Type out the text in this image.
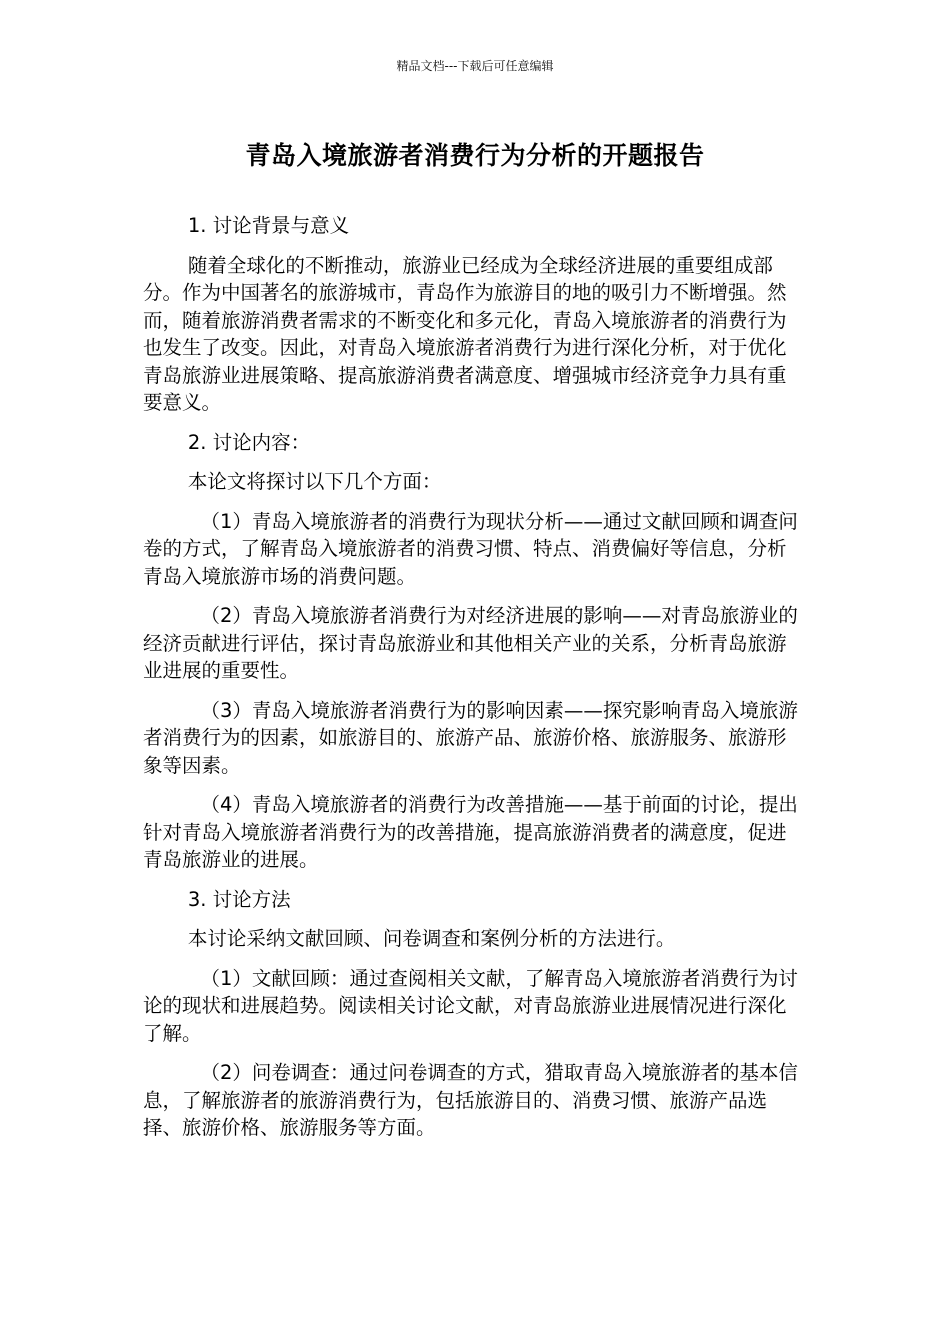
精品文档---下载后可任意编辑
青岛入境旅游者消费行为分析的开题报告

1. 讨论背景与意义

随着全球化的不断推动，旅游业已经成为全球经济进展的重要组成部分。作为中国著名的旅游城市，青岛作为旅游目的地的吸引力不断增强。然而，随着旅游消费者需求的不断变化和多元化，青岛入境旅游者的消费行为也发生了改变。因此，对青岛入境旅游者消费行为进行深化分析，对于优化青岛旅游业进展策略、提高旅游消费者满意度、增强城市经济竞争力具有重要意义。

2. 讨论内容：

本论文将探讨以下几个方面：

（1）青岛入境旅游者的消费行为现状分析——通过文献回顾和调查问卷的方式，了解青岛入境旅游者的消费习惯、特点、消费偏好等信息，分析青岛入境旅游市场的消费问题。

（2）青岛入境旅游者消费行为对经济进展的影响——对青岛旅游业的经济贡献进行评估，探讨青岛旅游业和其他相关产业的关系，分析青岛旅游业进展的重要性。

（3）青岛入境旅游者消费行为的影响因素——探究影响青岛入境旅游者消费行为的因素，如旅游目的、旅游产品、旅游价格、旅游服务、旅游形象等因素。

（4）青岛入境旅游者的消费行为改善措施——基于前面的讨论，提出针对青岛入境旅游者消费行为的改善措施，提高旅游消费者的满意度，促进青岛旅游业的进展。

3. 讨论方法

本讨论采纳文献回顾、问卷调查和案例分析的方法进行。

（1）文献回顾：通过查阅相关文献，了解青岛入境旅游者消费行为讨论的现状和进展趋势。阅读相关讨论文献，对青岛旅游业进展情况进行深化了解。

（2）问卷调查：通过问卷调查的方式，猎取青岛入境旅游者的基本信息，了解旅游者的旅游消费行为，包括旅游目的、消费习惯、旅游产品选择、旅游价格、旅游服务等方面。
